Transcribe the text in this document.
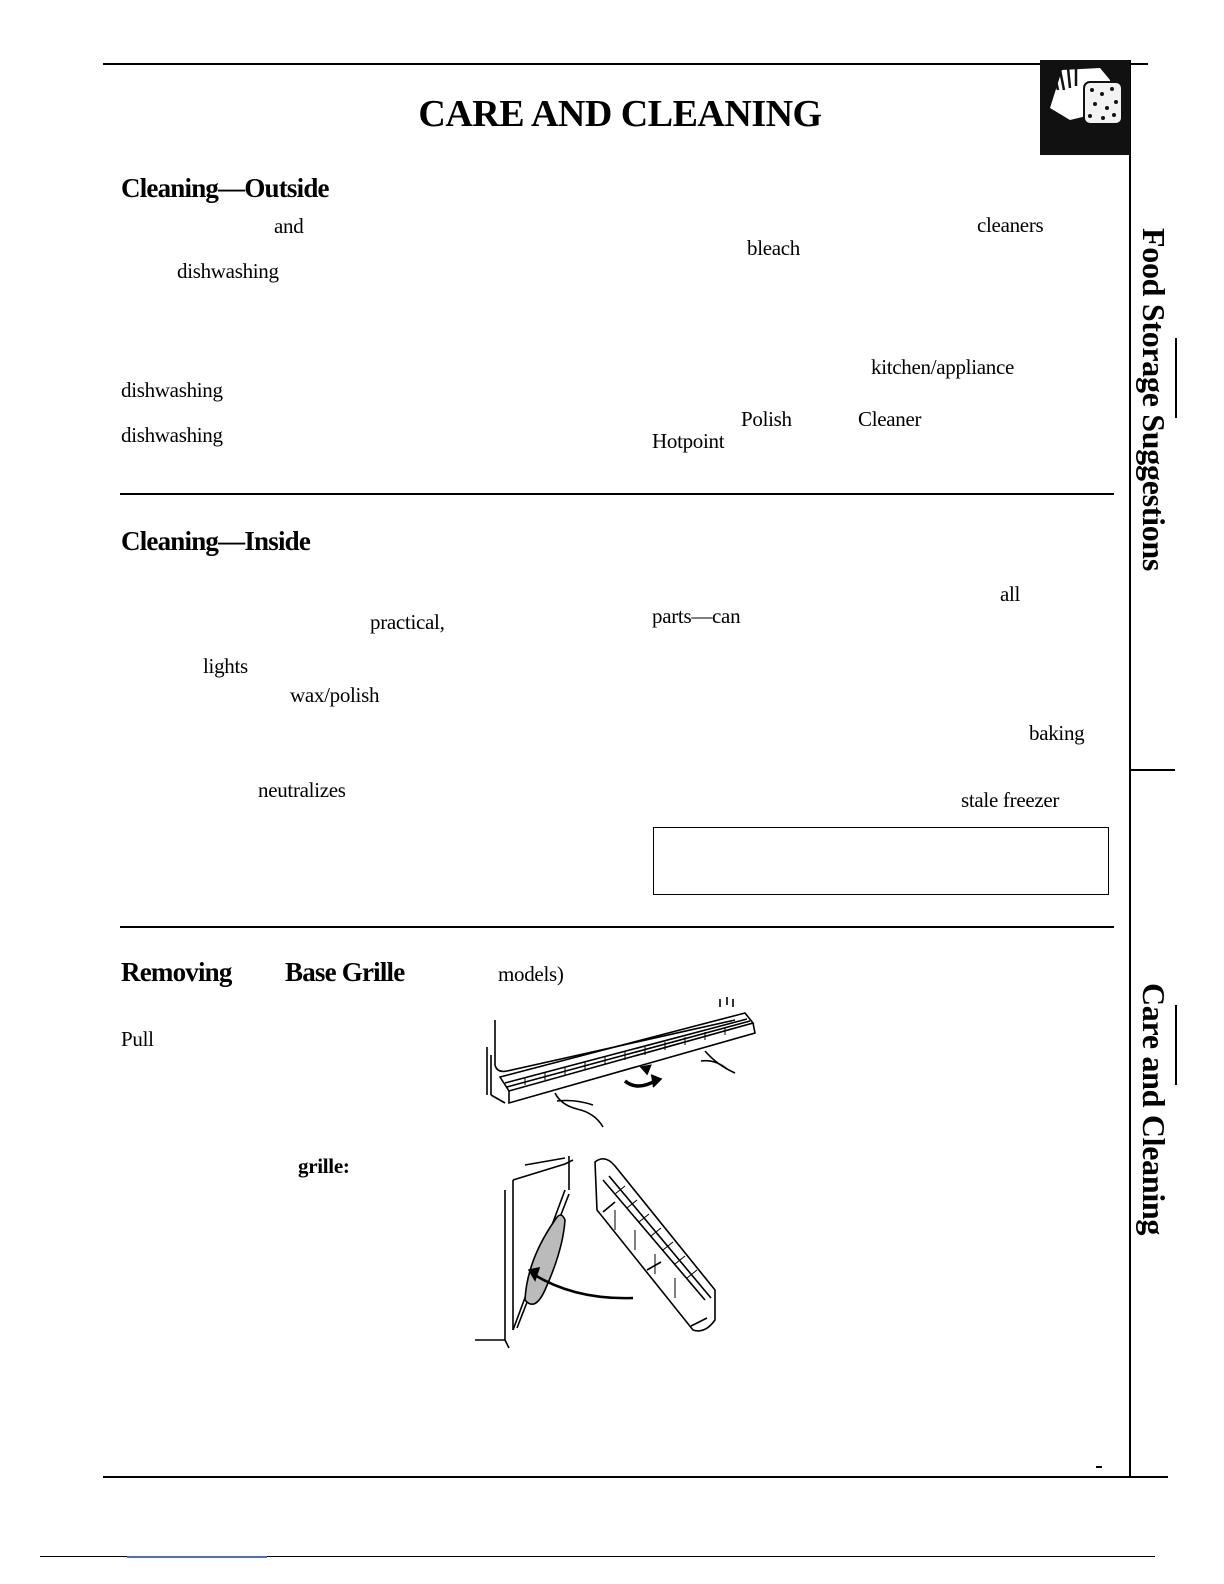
CARE AND CLEANING
Cleaning—Outside
and
dishwashing
dishwashing
dishwashing
cleaners
bleach
kitchen/appliance
Polish	Cleaner
Hotpoint
Cleaning—Inside
practical,
lights
wax/polish
neutralizes
all
parts—can
baking
stale freezer
Removing Base Grille	models)
Pull
grille:
Food Storage Suggestions
Care and Cleaning
